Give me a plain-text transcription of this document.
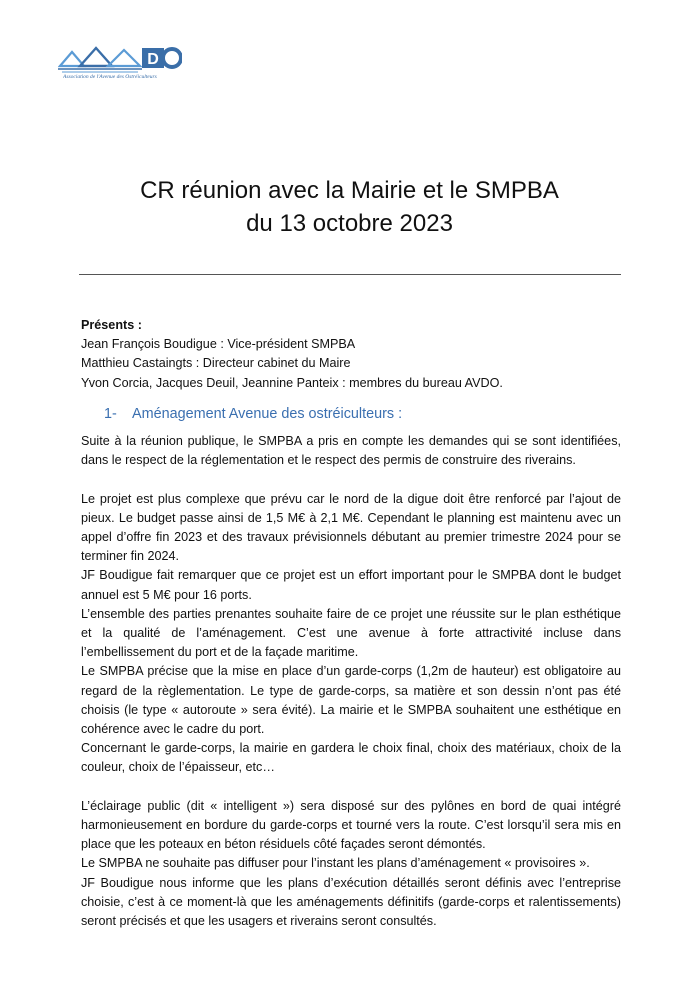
D
Association de l'Avenue des Ostréiculteurs
CR réunion avec la Mairie et le SMPBA
du 13 octobre 2023

Présents :

Jean François Boudigue : Vice-président SMPBA

Matthieu Castaingts : Directeur cabinet du Maire

Yvon Corcia, Jacques Deuil, Jeannine Panteix : membres du bureau AVDO.

1- Aménagement Avenue des ostréiculteurs :

Suite à la réunion publique, le SMPBA a pris en compte les demandes qui se sont identifiées, dans le respect de la réglementation et le respect des permis de construire des riverains.

Le projet est plus complexe que prévu car le nord de la digue doit être renforcé par l’ajout de pieux. Le budget passe ainsi de 1,5 M€ à 2,1 M€. Cependant le planning est maintenu avec un appel d’offre fin 2023 et des travaux prévisionnels débutant au premier trimestre 2024 pour se terminer fin 2024.

JF Boudigue fait remarquer que ce projet est un effort important pour le SMPBA dont le budget annuel est 5 M€ pour 16 ports.

L’ensemble des parties prenantes souhaite faire de ce projet une réussite sur le plan esthétique et la qualité de l’aménagement. C’est une avenue à forte attractivité incluse dans l’embellissement du port et de la façade maritime.

Le SMPBA précise que la mise en place d’un garde-corps (1,2m de hauteur) est obligatoire au regard de la règlementation. Le type de garde-corps, sa matière et son dessin n’ont pas été choisis (le type « autoroute » sera évité). La mairie et le SMPBA souhaitent une esthétique en cohérence avec le cadre du port.

Concernant le garde-corps, la mairie en gardera le choix final, choix des matériaux, choix de la couleur, choix de l’épaisseur, etc…

L’éclairage public (dit « intelligent ») sera disposé sur des pylônes en bord de quai intégré harmonieusement en bordure du garde-corps et tourné vers la route. C’est lorsqu’il sera mis en place que les poteaux en béton résiduels côté façades seront démontés.

Le SMPBA ne souhaite pas diffuser pour l’instant les plans d’aménagement « provisoires ».

JF Boudigue nous informe que les plans d’exécution détaillés seront définis avec l’entreprise choisie, c’est à ce moment-là que les aménagements définitifs (garde-corps et ralentissements) seront précisés et que les usagers et riverains seront consultés.
